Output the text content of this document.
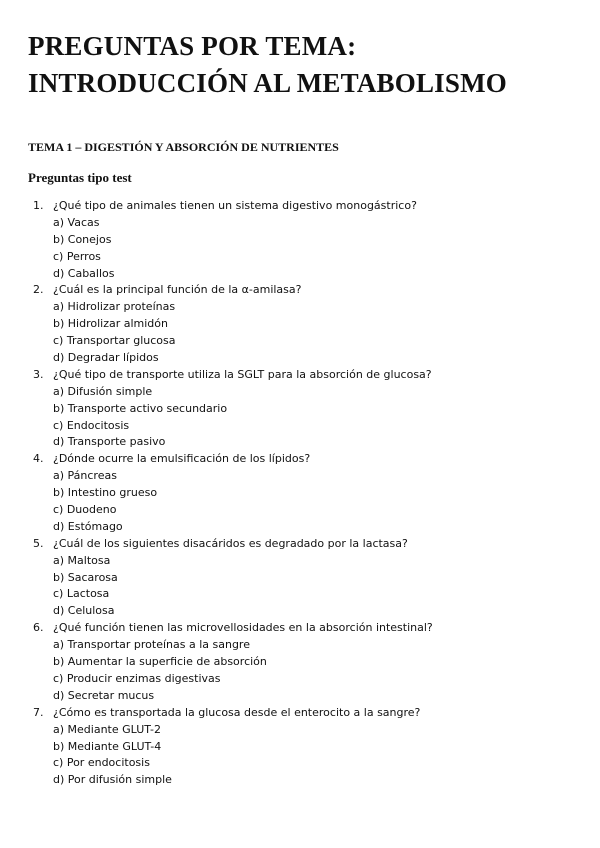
PREGUNTAS POR TEMA: INTRODUCCIÓN AL METABOLISMO
TEMA 1 – DIGESTIÓN Y ABSORCIÓN DE NUTRIENTES
Preguntas tipo test
1. ¿Qué tipo de animales tienen un sistema digestivo monogástrico?
a) Vacas
b) Conejos
c) Perros
d) Caballos
2. ¿Cuál es la principal función de la α-amilasa?
a) Hidrolizar proteínas
b) Hidrolizar almidón
c) Transportar glucosa
d) Degradar lípidos
3. ¿Qué tipo de transporte utiliza la SGLT para la absorción de glucosa?
a) Difusión simple
b) Transporte activo secundario
c) Endocitosis
d) Transporte pasivo
4. ¿Dónde ocurre la emulsificación de los lípidos?
a) Páncreas
b) Intestino grueso
c) Duodeno
d) Estómago
5. ¿Cuál de los siguientes disacáridos es degradado por la lactasa?
a) Maltosa
b) Sacarosa
c) Lactosa
d) Celulosa
6. ¿Qué función tienen las microvellosidades en la absorción intestinal?
a) Transportar proteínas a la sangre
b) Aumentar la superficie de absorción
c) Producir enzimas digestivas
d) Secretar mucus
7. ¿Cómo es transportada la glucosa desde el enterocito a la sangre?
a) Mediante GLUT-2
b) Mediante GLUT-4
c) Por endocitosis
d) Por difusión simple
